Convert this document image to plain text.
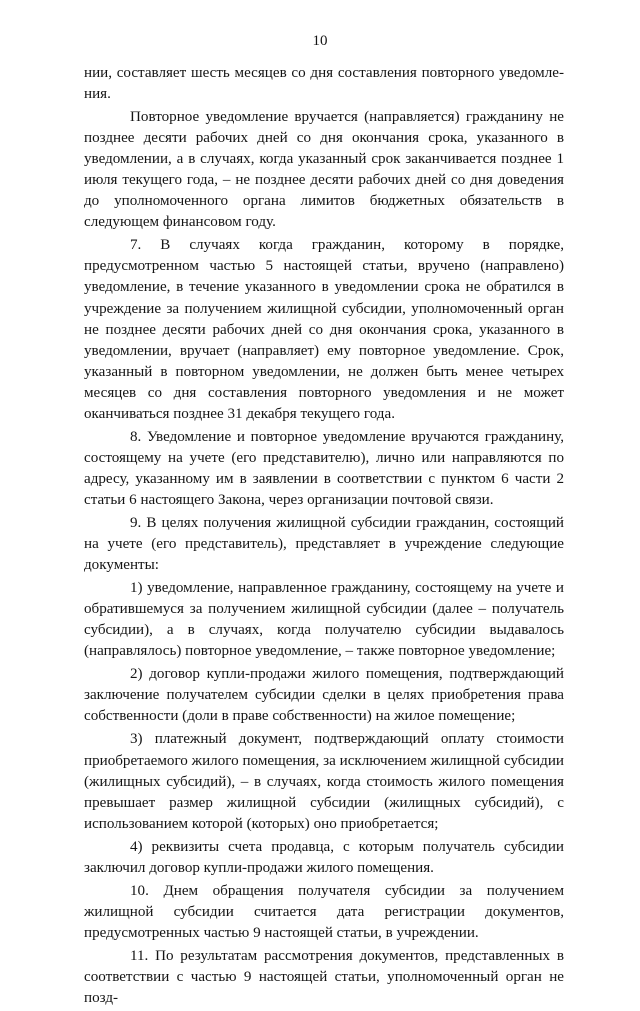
10

нии, составляет шесть месяцев со дня составления повторного уведомления.

Повторное уведомление вручается (направляется) гражданину не позднее десяти рабочих дней со дня окончания срока, указанного в уведомлении, а в случаях, когда указанный срок заканчивается позднее 1 июля текущего года, – не позднее десяти рабочих дней со дня доведения до уполномоченного органа лимитов бюджетных обязательств в следующем финансовом году.

7. В случаях когда гражданин, которому в порядке, предусмотренном частью 5 настоящей статьи, вручено (направлено) уведомление, в течение указанного в уведомлении срока не обратился в учреждение за получением жилищной субсидии, уполномоченный орган не позднее десяти рабочих дней со дня окончания срока, указанного в уведомлении, вручает (направляет) ему повторное уведомление. Срок, указанный в повторном уведомлении, не должен быть менее четырех месяцев со дня составления повторного уведомления и не может оканчиваться позднее 31 декабря текущего года.

8. Уведомление и повторное уведомление вручаются гражданину, состоящему на учете (его представителю), лично или направляются по адресу, указанному им в заявлении в соответствии с пунктом 6 части 2 статьи 6 настоящего Закона, через организации почтовой связи.

9. В целях получения жилищной субсидии гражданин, состоящий на учете (его представитель), представляет в учреждение следующие документы:

1) уведомление, направленное гражданину, состоящему на учете и обратившемуся за получением жилищной субсидии (далее – получатель субсидии), а в случаях, когда получателю субсидии выдавалось (направлялось) повторное уведомление, – также повторное уведомление;

2) договор купли-продажи жилого помещения, подтверждающий заключение получателем субсидии сделки в целях приобретения права собственности (доли в праве собственности) на жилое помещение;

3) платежный документ, подтверждающий оплату стоимости приобретаемого жилого помещения, за исключением жилищной субсидии (жилищных субсидий), – в случаях, когда стоимость жилого помещения превышает размер жилищной субсидии (жилищных субсидий), с использованием которой (которых) оно приобретается;

4) реквизиты счета продавца, с которым получатель субсидии заключил договор купли-продажи жилого помещения.

10. Днем обращения получателя субсидии за получением жилищной субсидии считается дата регистрации документов, предусмотренных частью 9 настоящей статьи, в учреждении.

11. По результатам рассмотрения документов, представленных в соответствии с частью 9 настоящей статьи, уполномоченный орган не позд-
